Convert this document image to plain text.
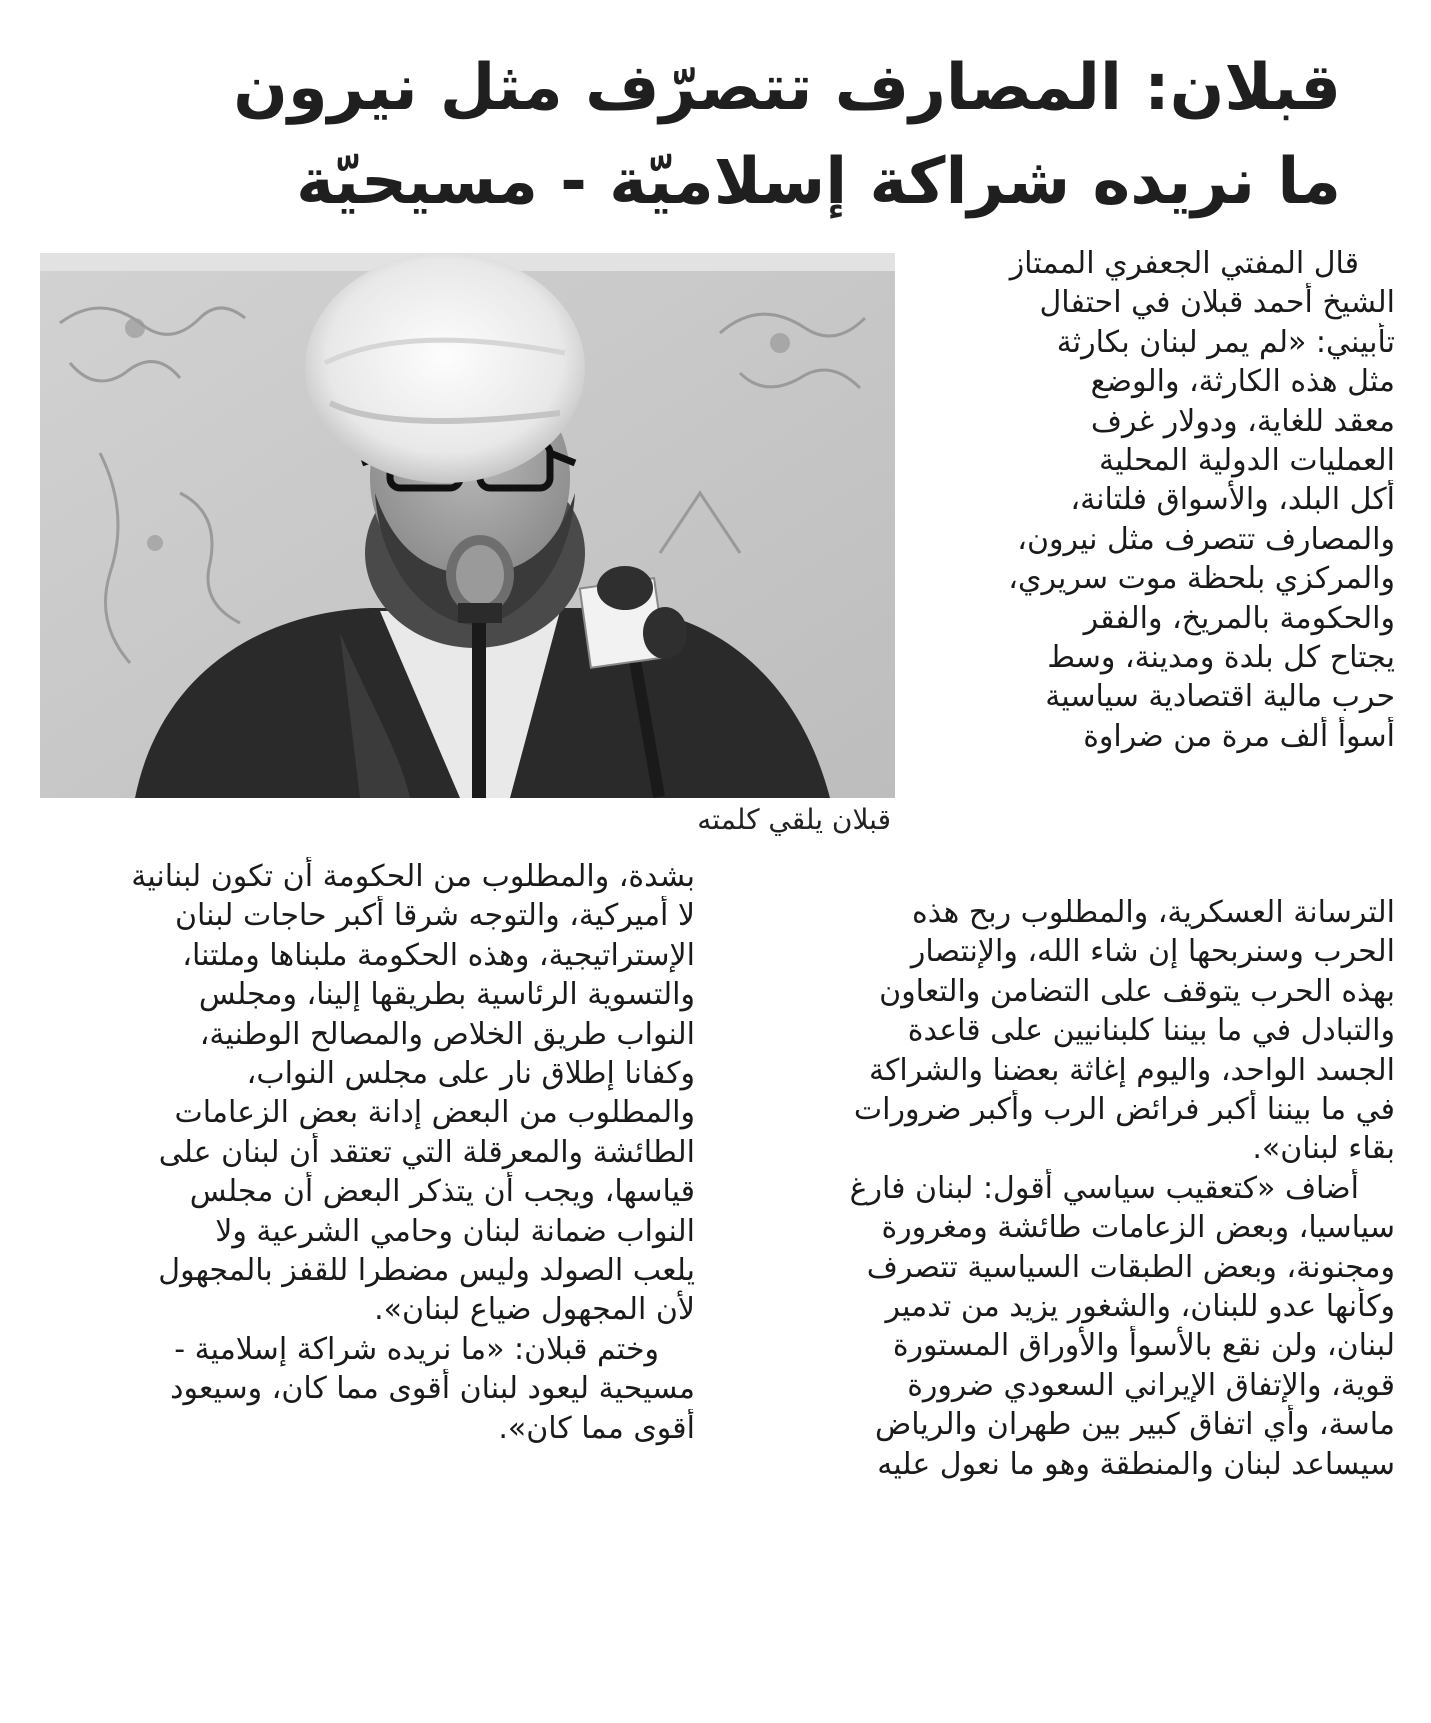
قبلان: المصارف تتصرّف مثل نيرون
ما نريده شراكة إسلاميّة - مسيحيّة
قبلان يلقي كلمته
قال المفتي الجعفري الممتاز
الشيخ أحمد قبلان في احتفال
تأبيني: «لم يمر لبنان بكارثة
مثل هذه الكارثة، والوضع
معقد للغاية، ودولار غرف
العمليات الدولية المحلية
أكل البلد، والأسواق فلتانة،
والمصارف تتصرف مثل نيرون،
والمركزي بلحظة موت سريري،
والحكومة بالمريخ، والفقر
يجتاح كل بلدة ومدينة، وسط
حرب مالية اقتصادية سياسية
أسوأ ألف مرة من ضراوة
الترسانة العسكرية، والمطلوب ربح هذه
الحرب وسنربحها إن شاء الله، والإنتصار
بهذه الحرب يتوقف على التضامن والتعاون
والتبادل في ما بيننا كلبنانيين على قاعدة
الجسد الواحد، واليوم إغاثة بعضنا والشراكة
في ما بيننا أكبر فرائض الرب وأكبر ضرورات
بقاء لبنان».
أضاف «كتعقيب سياسي أقول: لبنان فارغ
سياسيا، وبعض الزعامات طائشة ومغرورة
ومجنونة، وبعض الطبقات السياسية تتصرف
وكأنها عدو للبنان، والشغور يزيد من تدمير
لبنان، ولن نقع بالأسوأ والأوراق المستورة
قوية، والإتفاق الإيراني السعودي ضرورة
ماسة، وأي اتفاق كبير بين طهران والرياض
سيساعد لبنان والمنطقة وهو ما نعول عليه
بشدة، والمطلوب من الحكومة أن تكون لبنانية
لا أميركية، والتوجه شرقا أكبر حاجات لبنان
الإستراتيجية، وهذه الحكومة ملبناها وملتنا،
والتسوية الرئاسية بطريقها إلينا، ومجلس
النواب طريق الخلاص والمصالح الوطنية،
وكفانا إطلاق نار على مجلس النواب،
والمطلوب من البعض إدانة بعض الزعامات
الطائشة والمعرقلة التي تعتقد أن لبنان على
قياسها، ويجب أن يتذكر البعض أن مجلس
النواب ضمانة لبنان وحامي الشرعية ولا
يلعب الصولد وليس مضطرا للقفز بالمجهول
لأن المجهول ضياع لبنان».
وختم قبلان: «ما نريده شراكة إسلامية -
مسيحية ليعود لبنان أقوى مما كان، وسيعود
أقوى مما كان».
